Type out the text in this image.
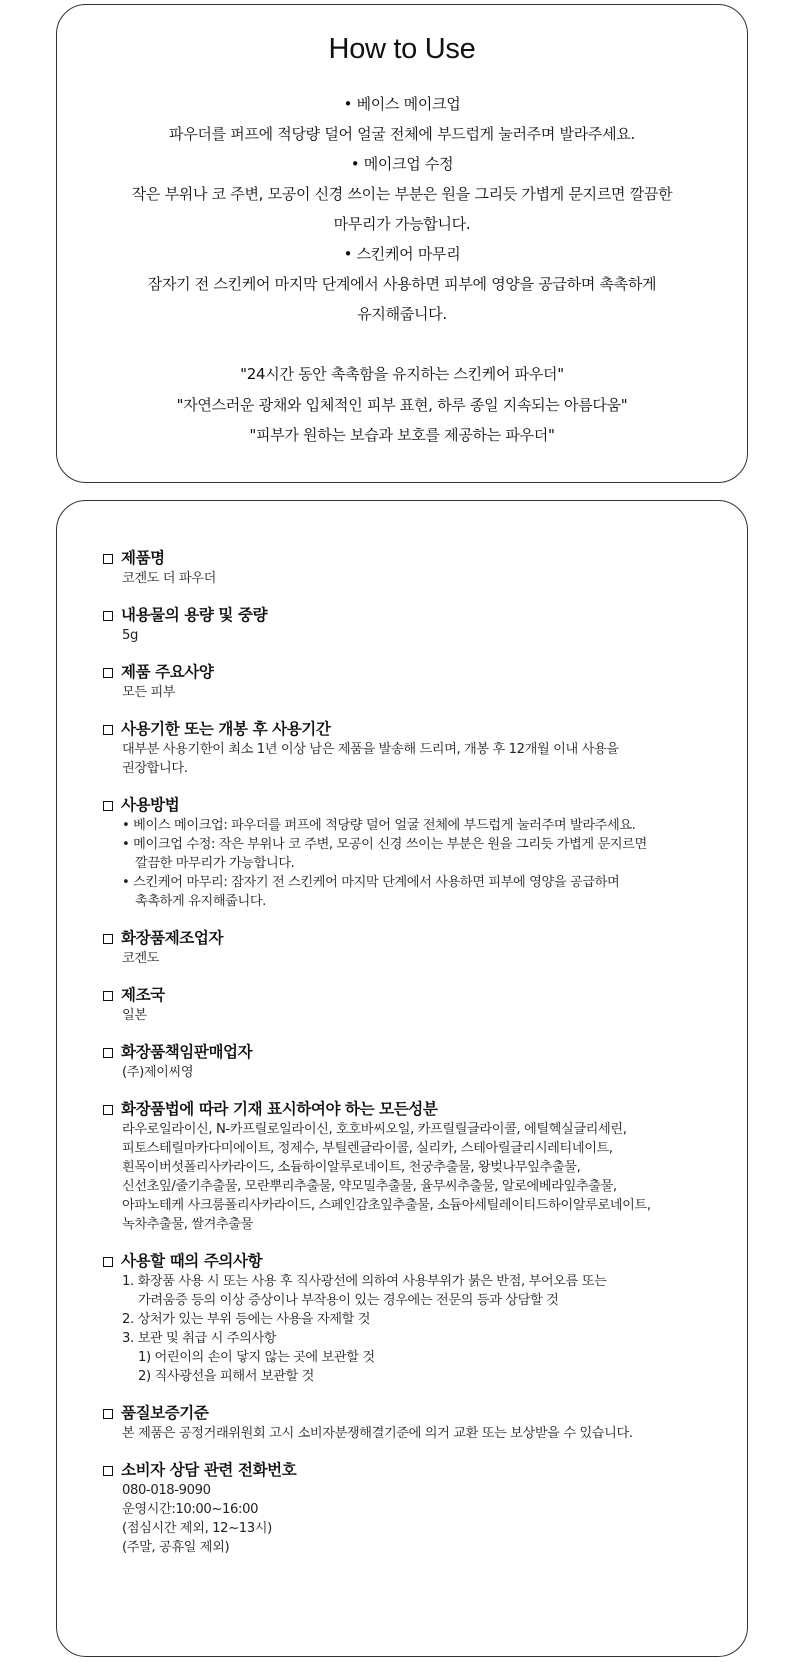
How to Use
• 베이스 메이크업
파우더를 퍼프에 적당량 덜어 얼굴 전체에 부드럽게 눌러주며 발라주세요.
• 메이크업 수정
작은 부위나 코 주변, 모공이 신경 쓰이는 부분은 원을 그리듯 가볍게 문지르면 깔끔한
마무리가 가능합니다.
• 스킨케어 마무리
잠자기 전 스킨케어 마지막 단계에서 사용하면 피부에 영양을 공급하며 촉촉하게
유지해줍니다.
"24시간 동안 촉촉함을 유지하는 스킨케어 파우더"
"자연스러운 광채와 입체적인 피부 표현, 하루 종일 지속되는 아름다움"
"피부가 원하는 보습과 보호를 제공하는 파우더"
제품명
코겐도 더 파우더
내용물의 용량 및 중량
5g
제품 주요사양
모든 피부
사용기한 또는 개봉 후 사용기간
대부분 사용기한이 최소 1년 이상 남은 제품을 발송해 드리며, 개봉 후 12개월 이내 사용을
권장합니다.
사용방법
• 베이스 메이크업: 파우더를 퍼프에 적당량 덜어 얼굴 전체에 부드럽게 눌러주며 발라주세요.
• 메이크업 수정: 작은 부위나 코 주변, 모공이 신경 쓰이는 부분은 원을 그리듯 가볍게 문지르면
깔끔한 마무리가 가능합니다.
• 스킨케어 마무리: 잠자기 전 스킨케어 마지막 단계에서 사용하면 피부에 영양을 공급하며
촉촉하게 유지해줍니다.
화장품제조업자
코겐도
제조국
일본
화장품책임판매업자
(주)제이씨영
화장품법에 따라 기재 표시하여야 하는 모든성분
라우로일라이신, N-카프릴로일라이신, 호호바씨오일, 카프릴릴글라이콜, 에틸헥실글리세린,
피토스테릴마카다미에이트, 정제수, 부틸렌글라이콜, 실리카, 스테아릴글리시레티네이트,
흰목이버섯폴리사카라이드, 소듐하이알루로네이트, 천궁추출물, 왕벚나무잎추출물,
신선초잎/줄기추출물, 모란뿌리추출물, 약모밀추출물, 율무씨추출물, 알로에베라잎추출물,
아파노테케 사크룸폴리사카라이드, 스페인감초잎추출물, 소듐아세틸레이티드하이알루로네이트,
녹차추출물, 쌀겨추출물
사용할 때의 주의사항
1. 화장품 사용 시 또는 사용 후 직사광선에 의하여 사용부위가 붉은 반점, 부어오름 또는
가려움증 등의 이상 증상이나 부작용이 있는 경우에는 전문의 등과 상담할 것
2. 상처가 있는 부위 등에는 사용을 자제할 것
3. 보관 및 취급 시 주의사항
1) 어린이의 손이 닿지 않는 곳에 보관할 것
2) 직사광선을 피해서 보관할 것
품질보증기준
본 제품은 공정거래위원회 고시 소비자분쟁해결기준에 의거 교환 또는 보상받을 수 있습니다.
소비자 상담 관련 전화번호
080-018-9090
운영시간:10:00~16:00
(점심시간 제외, 12~13시)
(주말, 공휴일 제외)
